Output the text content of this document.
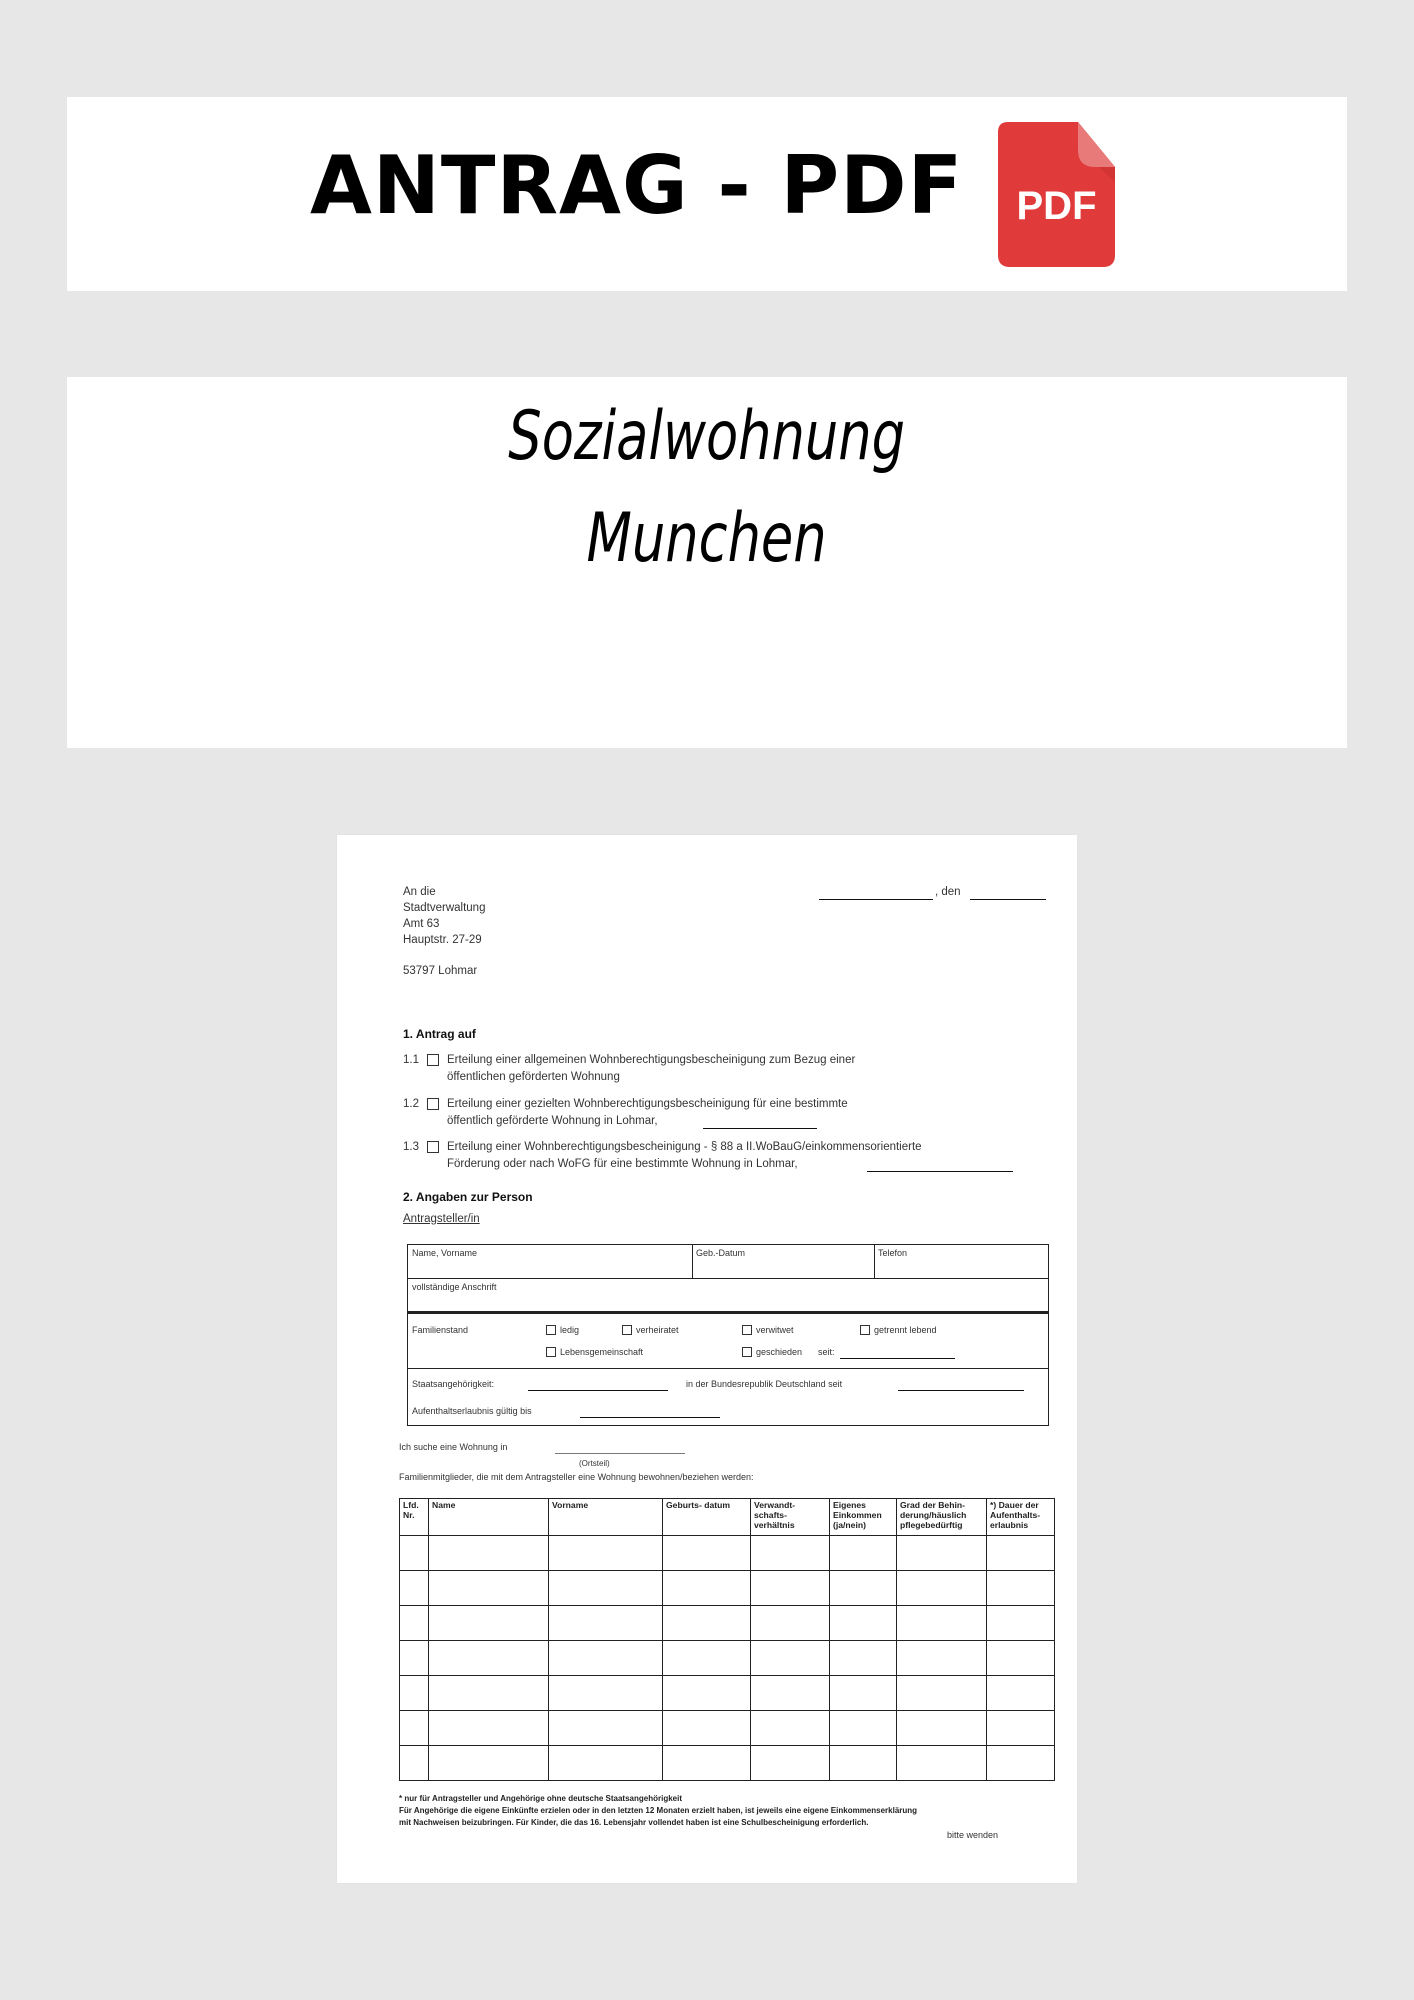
ANTRAG - PDF	PDF
Sozialwohnung
Munchen
An die
Stadtverwaltung
Amt 63
Hauptstr. 27-29
53797 Lohmar
, den
1. Antrag auf
1.1 Erteilung einer allgemeinen Wohnberechtigungsbescheinigung zum Bezug einer
öffentlichen geförderten Wohnung
1.2 Erteilung einer gezielten Wohnberechtigungsbescheinigung für eine bestimmte
öffentlich geförderte Wohnung in Lohmar,
1.3 Erteilung einer Wohnberechtigungsbescheinigung - § 88 a II.WoBauG/einkommensorientierte
Förderung oder nach WoFG für eine bestimmte Wohnung in Lohmar,
2. Angaben zur Person
Antragsteller/in
Name, Vorname	Geb.-Datum	Telefon
vollständige Anschrift
Familienstand	ledig	verheiratet	verwitwet	getrennt lebend
Lebensgemeinschaft	geschieden seit:
Staatsangehörigkeit:	in der Bundesrepublik Deutschland seit
Aufenthaltserlaubnis gültig bis
Ich suche eine Wohnung in
(Ortsteil)
Familienmitglieder, die mit dem Antragsteller eine Wohnung bewohnen/beziehen werden:
Lfd. Nr.	Name	Vorname	Geburts- datum	Verwandt- schafts- verhältnis	Eigenes Einkommen (ja/nein)	Grad der Behin- derung/häuslich pflegebedürftig	*) Dauer der Aufenthalts- erlaubnis

* nur für Antragsteller und Angehörige ohne deutsche Staatsangehörigkeit
Für Angehörige die eigene Einkünfte erzielen oder in den letzten 12 Monaten erzielt haben, ist jeweils eine eigene Einkommenserklärung
mit Nachweisen beizubringen. Für Kinder, die das 16. Lebensjahr vollendet haben ist eine Schulbescheinigung erforderlich.
bitte wenden
